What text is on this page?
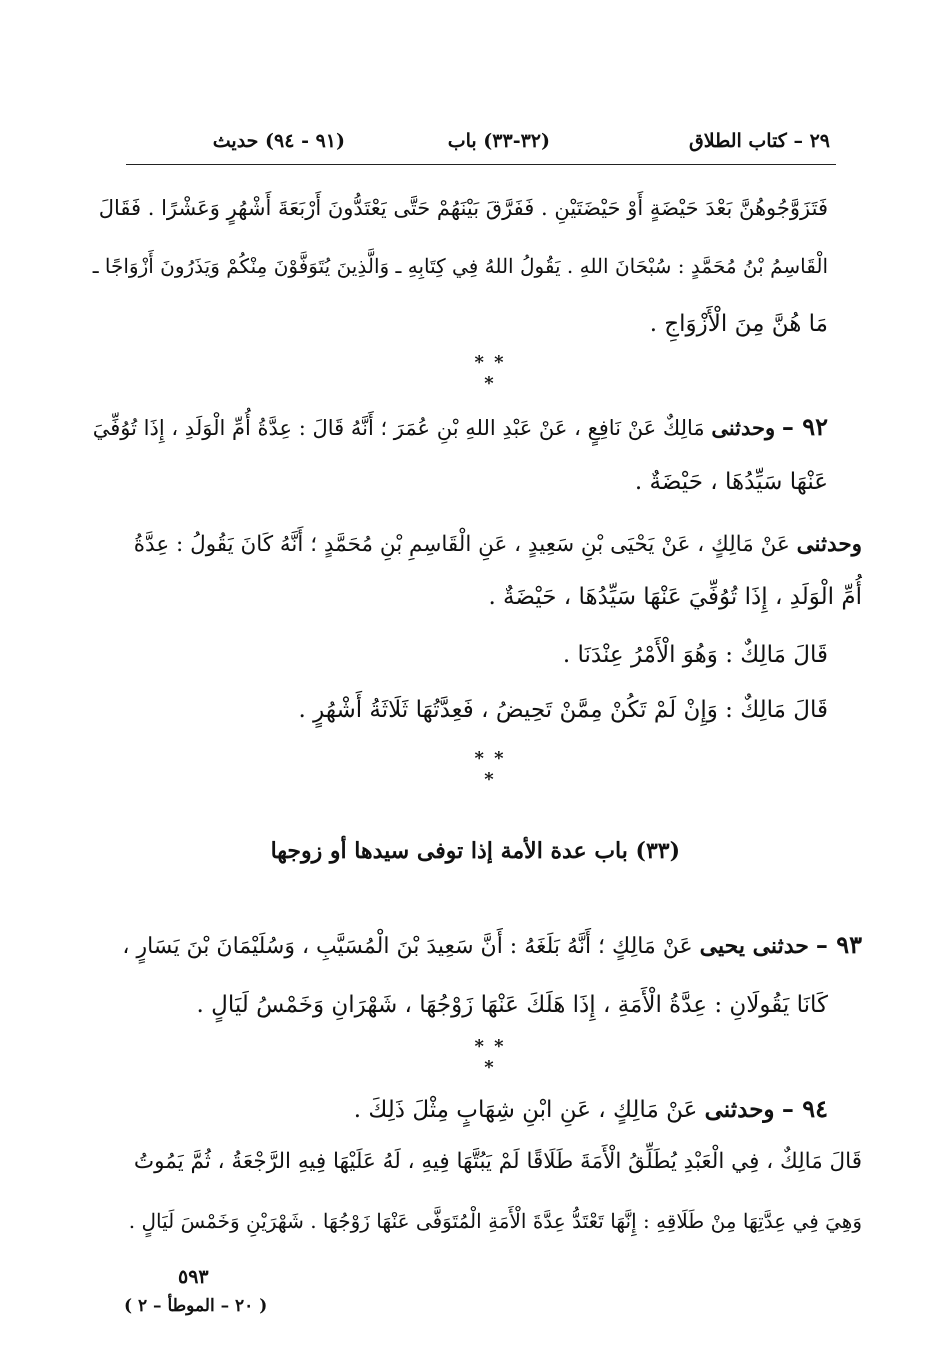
٢٩ – كتاب الطلاق
(٣٢-٣٣) باب
(٩١ - ٩٤) حديث
فَتَزَوَّجُوهُنَّ بَعْدَ حَيْضَةٍ أَوْ حَيْضَتَيْنِ . فَفَرَّقَ بَيْنَهُمْ حَتَّى يَعْتَدُّونَ أَرْبَعَةَ أَشْهُرٍ وَعَشْرًا . فَقَالَ
الْقَاسِمُ بْنُ مُحَمَّدٍ : سُبْحَانَ اللهِ . يَقُولُ اللهُ فِي كِتَابِهِ ـ وَالَّذِينَ يُتَوَفَّوْنَ مِنْكُمْ وَيَذَرُونَ أَزْوَاجًا ـ
مَا هُنَّ مِنَ الْأَزْوَاجِ .
* * *
٩٢ – وحدثنى مَالِكٌ عَنْ نَافِعٍ ، عَنْ عَبْدِ اللهِ بْنِ عُمَرَ ؛ أَنَّهُ قَالَ : عِدَّةُ أُمِّ الْوَلَدِ ، إِذَا تُوُفِّيَ
عَنْهَا سَيِّدُهَا ، حَيْضَةٌ .
وحدثنى عَنْ مَالِكٍ ، عَنْ يَحْيَى بْنِ سَعِيدٍ ، عَنِ الْقَاسِمِ بْنِ مُحَمَّدٍ ؛ أَنَّهُ كَانَ يَقُولُ : عِدَّةُ
أُمِّ الْوَلَدِ ، إِذَا تُوُفِّيَ عَنْهَا سَيِّدُهَا ، حَيْضَةٌ .
قَالَ مَالِكٌ : وَهُوَ الْأَمْرُ عِنْدَنَا .
قَالَ مَالِكٌ : وَإِنْ لَمْ تَكُنْ مِمَّنْ تَحِيضُ ، فَعِدَّتُهَا ثَلَاثَةُ أَشْهُرٍ .
* * *
(٣٣) باب عدة الأمة إذا توفى سيدها أو زوجها
٩٣ – حدثنى يحيى عَنْ مَالِكٍ ؛ أَنَّهُ بَلَغَهُ : أَنَّ سَعِيدَ بْنَ الْمُسَيَّبِ ، وَسُلَيْمَانَ بْنَ يَسَارٍ ،
كَانَا يَقُولَانِ : عِدَّةُ الْأَمَةِ ، إِذَا هَلَكَ عَنْهَا زَوْجُهَا ، شَهْرَانِ وَخَمْسُ لَيَالٍ .
* * *
٩٤ – وحدثنى عَنْ مَالِكٍ ، عَنِ ابْنِ شِهَابٍ مِثْلَ ذَلِكَ .
قَالَ مَالِكٌ ، فِي الْعَبْدِ يُطَلِّقُ الْأَمَةَ طَلَاقًا لَمْ يَبُتَّهَا فِيهِ ، لَهُ عَلَيْهَا فِيهِ الرَّجْعَةُ ، ثُمَّ يَمُوتُ
وَهِيَ فِي عِدَّتِهَا مِنْ طَلَاقِهِ : إِنَّهَا تَعْتَدُّ عِدَّةَ الْأَمَةِ الْمُتَوَفَّى عَنْهَا زَوْجُهَا . شَهْرَيْنِ وَخَمْسَ لَيَالٍ .
٥٩٣
( ٢٠ – الموطأ – ٢ )
